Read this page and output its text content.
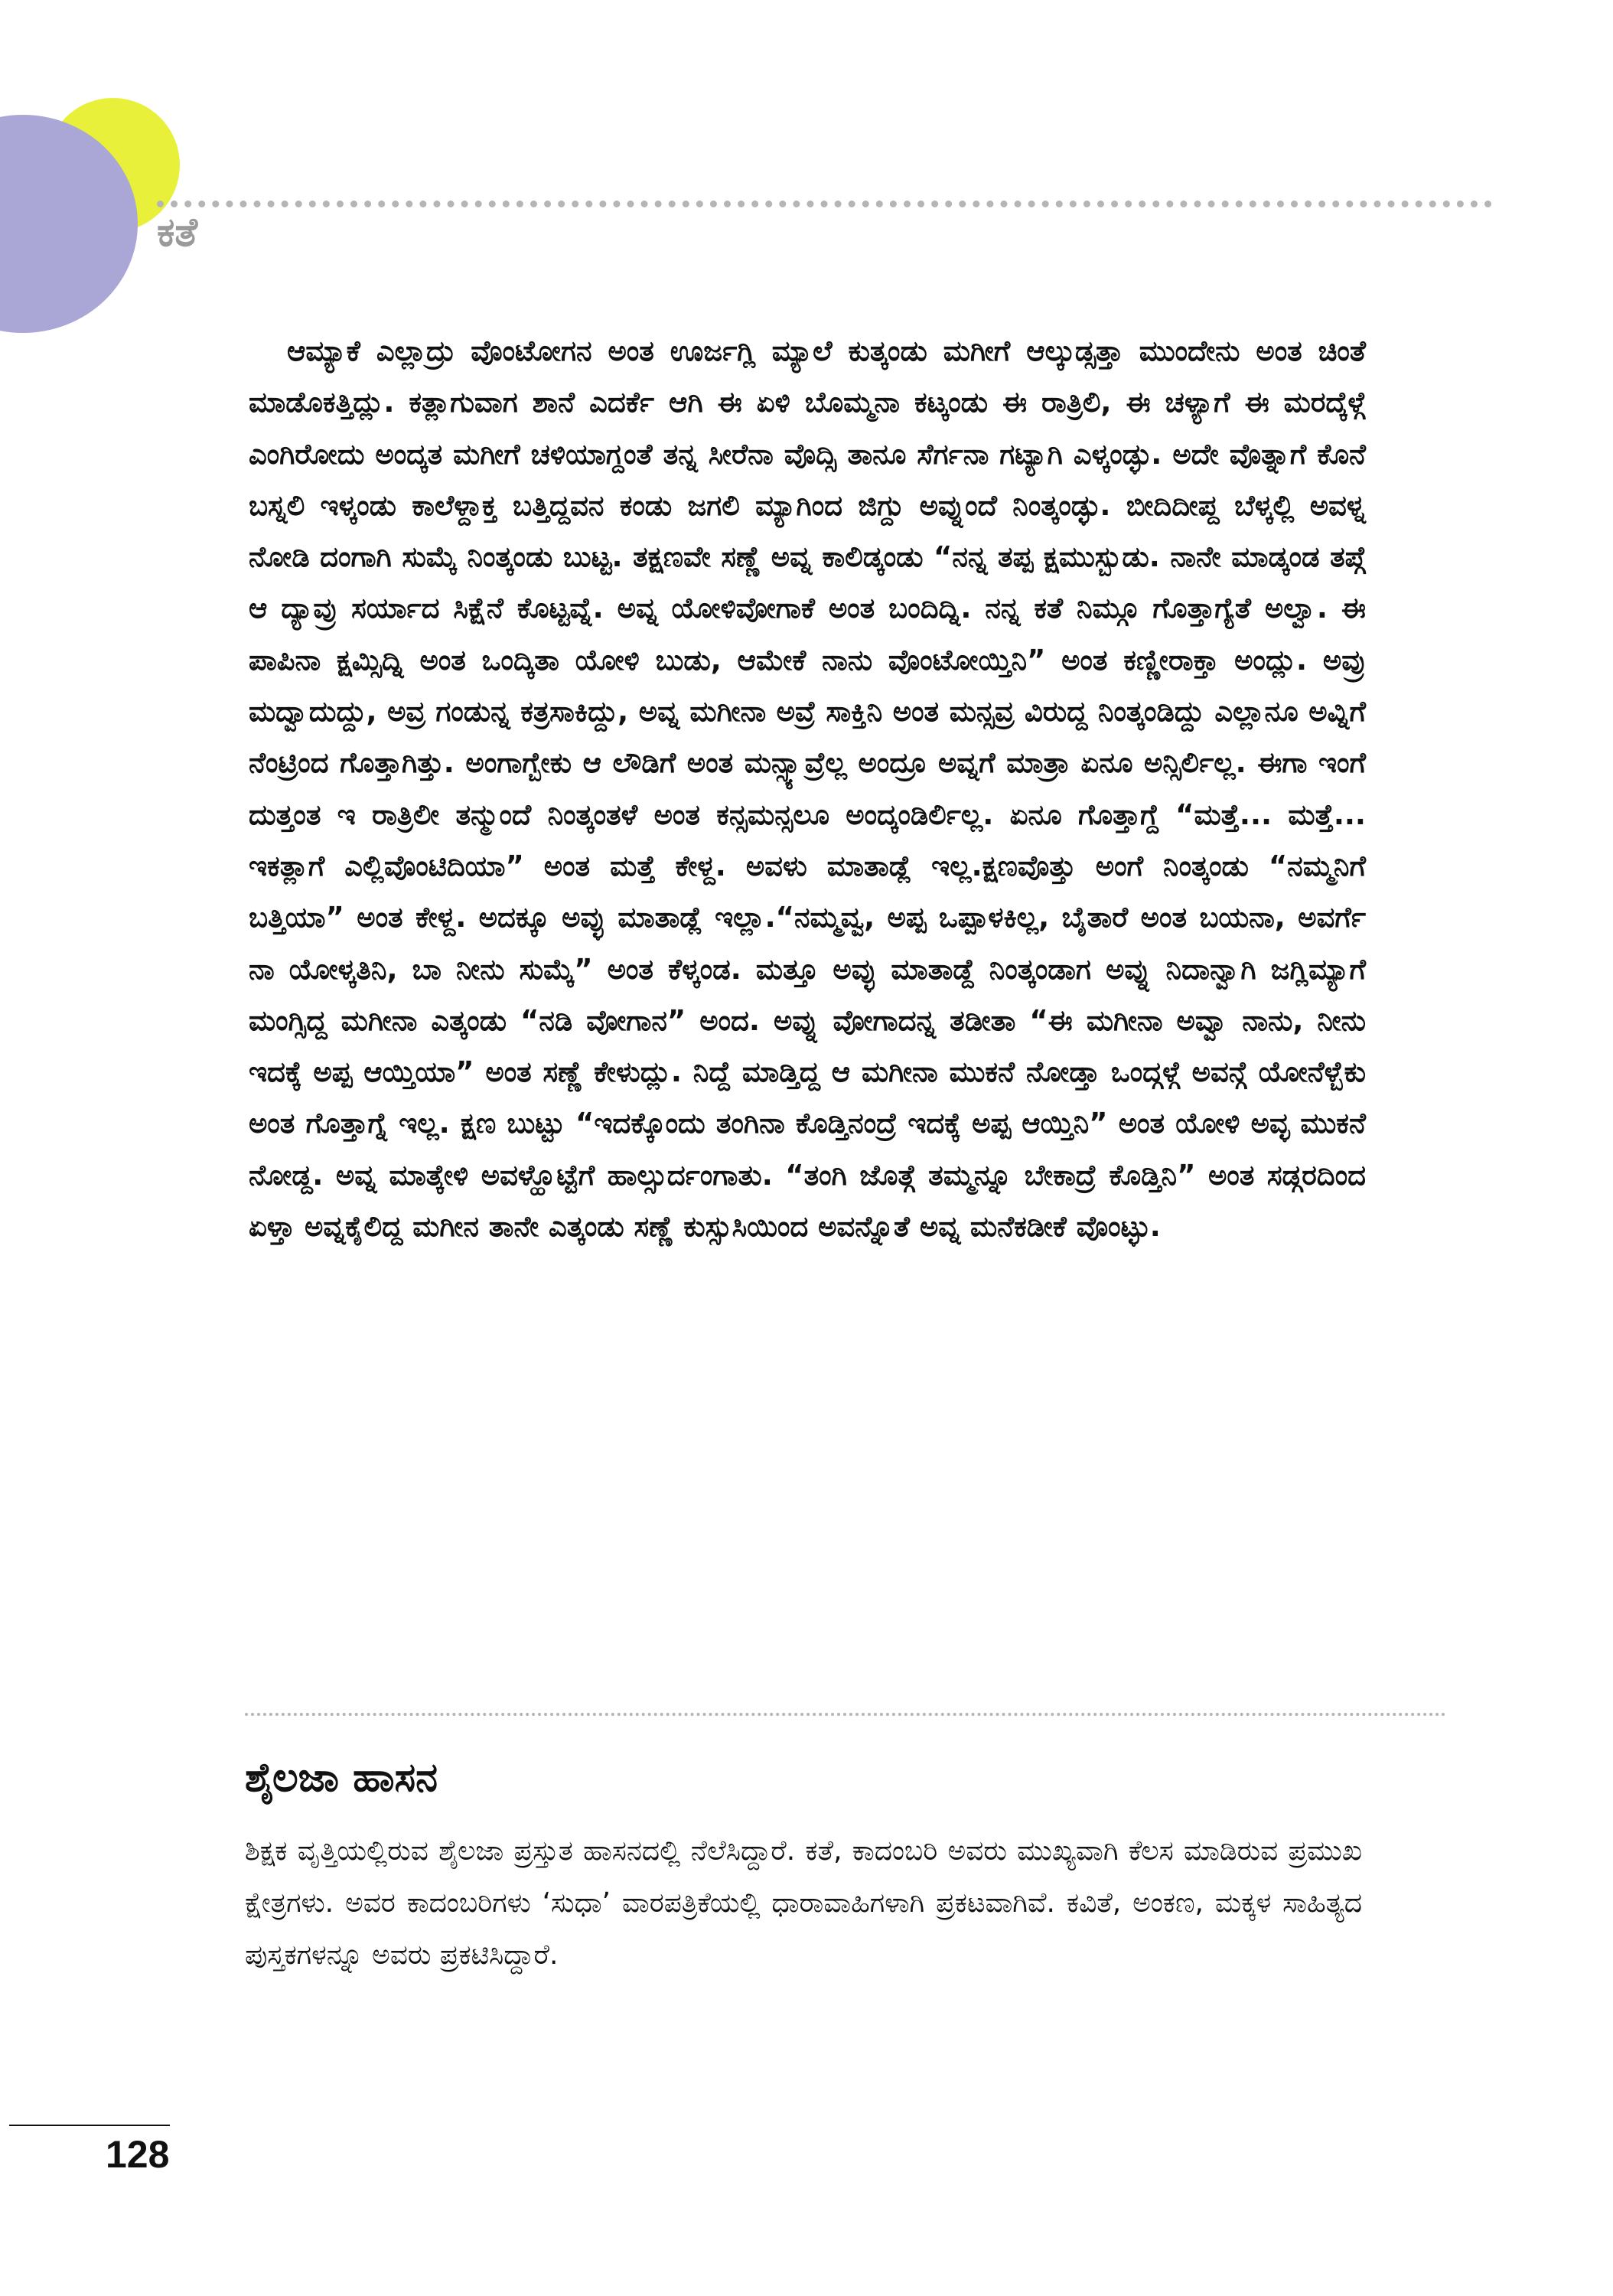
ಕತೆ

ಆಮ್ಯಾಕೆ ಎಲ್ಲಾದ್ರು ವೊಂಟೋಗನ ಅಂತ ಊರ್ಜಗ್ಲಿ ಮ್ಯಾಲೆ ಕುತ್ಕಂಡು ಮಗೀಗೆ ಆಲ್ಕುಡ್ಸತ್ತಾ ಮುಂದೇನು ಅಂತ ಚಿಂತೆ ಮಾಡೊಕತ್ತಿದ್ಲು. ಕತ್ಲಾಗುವಾಗ ಶಾನೆ ಎದರ್ಕೆ ಆಗಿ ಈ ಏಳಿ ಬೊಮ್ಮನಾ ಕಟ್ಕಂಡು ಈ ರಾತ್ರಿಲಿ, ಈ ಚಳ್ಯಾಗೆ ಈ ಮರದ್ಕೆಳ್ಗೆ ಎಂಗಿರೋದು ಅಂದ್ಕತ ಮಗೀಗೆ ಚಳಿಯಾಗ್ದಂತೆ ತನ್ನ ಸೀರೆನಾ ವೊದ್ಸಿ ತಾನೂ ಸೆರ್ಗನಾ ಗಟ್ಯಾಗಿ ಎಳ್ಕಂಡ್ಳು. ಅದೇ ವೊತ್ನಾಗೆ ಕೊನೆ ಬಸ್ನಲಿ ಇಳ್ಕಂಡು ಕಾಲೆಳ್ದಾಕ್ತ ಬತ್ತಿದ್ದವನ ಕಂಡು ಜಗಲಿ ಮ್ಯಾಗಿಂದ ಜಿಗ್ದು ಅವ್ನುಂದೆ ನಿಂತ್ಕಂಡ್ಳು. ಬೀದಿದೀಪ್ದ ಬೆಳ್ಕಲ್ಲಿ ಅವಳ್ನ ನೋಡಿ ದಂಗಾಗಿ ಸುಮ್ಕೆ ನಿಂತ್ಕಂಡು ಬುಟ್ಟ. ತಕ್ಷಣವೇ ಸಣ್ಣೆ ಅವ್ನ ಕಾಲಿಡ್ಕಂಡು “ನನ್ನ ತಪ್ಪ ಕ್ಷಮುಸ್ಬುಡು. ನಾನೇ ಮಾಡ್ಕಂಡ ತಪ್ಗೆ ಆ ದ್ಯಾವ್ರು ಸರ್ಯಾದ ಸಿಕ್ಷೆನೆ ಕೊಟ್ಟವ್ನೆ. ಅವ್ನ ಯೋಳಿವೋಗಾಕೆ ಅಂತ ಬಂದಿದ್ನಿ. ನನ್ನ ಕತೆ ನಿಮ್ಗೂ ಗೊತ್ತಾಗ್ಯೆತೆ ಅಲ್ವಾ. ಈ ಪಾಪಿನಾ ಕ್ಷಮ್ಸಿದ್ನಿ ಅಂತ ಒಂದ್ಕಿತಾ ಯೋಳಿ ಬುಡು, ಆಮೇಕೆ ನಾನು ವೊಂಟೋಯ್ತಿನಿ” ಅಂತ ಕಣ್ಣೀರಾಕ್ತಾ ಅಂದ್ಲು. ಅವ್ರು ಮದ್ವಾದುದ್ದು, ಅವ್ರ ಗಂಡುನ್ನ ಕತ್ರಸಾಕಿದ್ದು, ಅವ್ನ ಮಗೀನಾ ಅವ್ರೆ ಸಾಕ್ತಿನಿ ಅಂತ ಮನ್ಸವ್ರ ವಿರುದ್ದ ನಿಂತ್ಕಂಡಿದ್ದು ಎಲ್ಲಾನೂ ಅವ್ನಿಗೆ ನೆಂಟ್ರಿಂದ ಗೊತ್ತಾಗಿತ್ತು. ಅಂಗಾಗ್ಬೇಕು ಆ ಲೌಡಿಗೆ ಅಂತ ಮನ್ಸ್ಯಾವ್ರೆಲ್ಲ ಅಂದ್ರೂ ಅವ್ನಗೆ ಮಾತ್ರಾ ಏನೂ ಅನ್ಸಿರ್ಲಿಲ್ಲ. ಈಗಾ ಇಂಗೆ ದುತ್ತಂತ ಇ ರಾತ್ರಿಲೀ ತನ್ಮುಂದೆ ನಿಂತ್ಕಂತಳೆ ಅಂತ ಕನ್ಸಮನ್ಸಲೂ ಅಂದ್ಕಂಡಿರ್ಲಿಲ್ಲ. ಏನೂ ಗೊತ್ತಾಗ್ದೆ “ಮತ್ತೆ... ಮತ್ತೆ... ಇಕತ್ಲಾಗೆ ಎಲ್ಲಿವೊಂಟಿದಿಯಾ” ಅಂತ ಮತ್ತೆ ಕೇಳ್ದ. ಅವಳು ಮಾತಾಡ್ಲೆ ಇಲ್ಲ.ಕ್ಷಣವೊತ್ತು ಅಂಗೆ ನಿಂತ್ಕಂಡು “ನಮ್ಮನಿಗೆ ಬತ್ತಿಯಾ” ಅಂತ ಕೇಳ್ದ. ಅದಕ್ಕೂ ಅವ್ಳು ಮಾತಾಡ್ಲೆ ಇಲ್ಲಾ.“ನಮ್ಮವ್ವ, ಅಪ್ಪ ಒಪ್ಪಾಳಕಿಲ್ಲ, ಬೈತಾರೆ ಅಂತ ಬಯನಾ, ಅವರ್ಗೆ ನಾ ಯೋಳ್ಕತಿನಿ, ಬಾ ನೀನು ಸುಮ್ಕೆ” ಅಂತ ಕೆಳ್ಕಂಡ. ಮತ್ತೂ ಅವ್ಳು ಮಾತಾಡ್ದೆ ನಿಂತ್ಕಂಡಾಗ ಅವ್ನು ನಿದಾನ್ವಾಗಿ ಜಗ್ಲಿಮ್ಯಾಗೆ ಮಂಗ್ಸಿದ್ದ ಮಗೀನಾ ಎತ್ಕಂಡು “ನಡಿ ವೋಗಾನ” ಅಂದ. ಅವ್ನು ವೋಗಾದನ್ನ ತಡೀತಾ “ಈ ಮಗೀನಾ ಅವ್ವಾ ನಾನು, ನೀನು ಇದಕ್ಕೆ ಅಪ್ಪ ಆಯ್ತಿಯಾ” ಅಂತ ಸಣ್ಣೆ ಕೇಳುದ್ಲು. ನಿದ್ದೆ ಮಾಡ್ತಿದ್ದ ಆ ಮಗೀನಾ ಮುಕನೆ ನೋಡ್ತಾ ಒಂದ್ಗಳ್ಗೆ ಅವನ್ಗೆ ಯೋನೆಳ್ಬೆಕು ಅಂತ ಗೊತ್ತಾಗ್ನೆ ಇಲ್ಲ. ಕ್ಷಣ ಬುಟ್ಟು “ಇದಕ್ಕೊಂದು ತಂಗಿನಾ ಕೊಡ್ತಿನಂದ್ರೆ ಇದಕ್ಕೆ ಅಪ್ಪ ಆಯ್ತಿನಿ” ಅಂತ ಯೋಳಿ ಅವ್ಳ ಮುಕನೆ ನೋಡ್ದ. ಅವ್ನ ಮಾತ್ಕೇಳಿ ಅವಳ್ಹೊಟ್ಟೆಗೆ ಹಾಲ್ಸುರ್ದಂಗಾತು. “ತಂಗಿ ಜೊತ್ಗೆ ತಮ್ಮನ್ನೂ ಬೇಕಾದ್ರೆ ಕೊಡ್ತಿನಿ” ಅಂತ ಸಡ್ಗರದಿಂದ ಏಳ್ತಾ ಅವ್ನಕೈಲಿದ್ದ ಮಗೀನ ತಾನೇ ಎತ್ಕಂಡು ಸಣ್ಣೆ ಕುಸ್ಸುಸಿಯಿಂದ ಅವನ್ನೊತೆ ಅವ್ನ ಮನೆಕಡೀಕೆ ವೊಂಟ್ಳು.

ಶೈಲಜಾ ಹಾಸನ

ಶಿಕ್ಷಕ ವೃತ್ತಿಯಲ್ಲಿರುವ ಶೈಲಜಾ ಪ್ರಸ್ತುತ ಹಾಸನದಲ್ಲಿ ನೆಲೆಸಿದ್ದಾರೆ. ಕತೆ, ಕಾದಂಬರಿ ಅವರು ಮುಖ್ಯವಾಗಿ ಕೆಲಸ ಮಾಡಿರುವ ಪ್ರಮುಖ ಕ್ಷೇತ್ರಗಳು. ಅವರ ಕಾದಂಬರಿಗಳು ‘ಸುಧಾ’ ವಾರಪತ್ರಿಕೆಯಲ್ಲಿ ಧಾರಾವಾಹಿಗಳಾಗಿ ಪ್ರಕಟವಾಗಿವೆ. ಕವಿತೆ, ಅಂಕಣ, ಮಕ್ಕಳ ಸಾಹಿತ್ಯದ ಪುಸ್ತಕಗಳನ್ನೂ ಅವರು ಪ್ರಕಟಿಸಿದ್ದಾರೆ.

128
